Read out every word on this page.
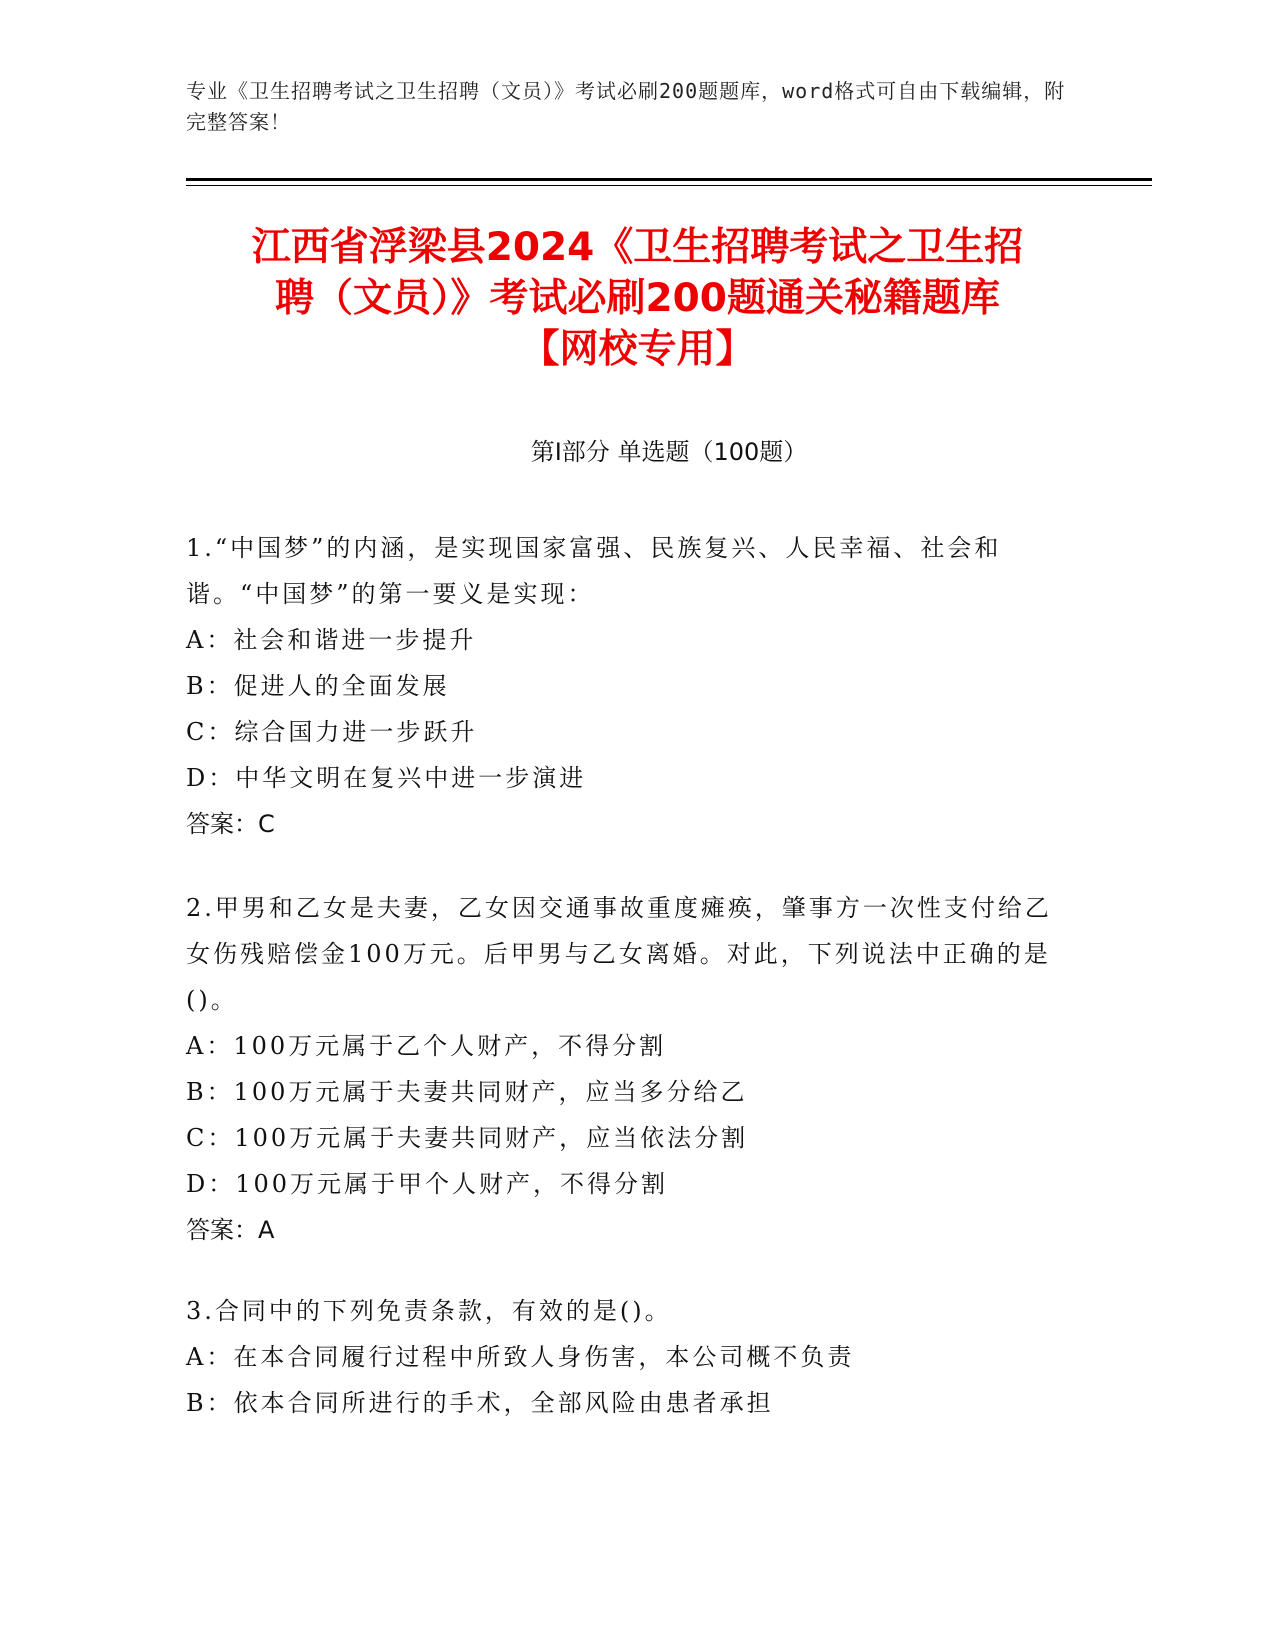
专业《卫生招聘考试之卫生招聘（文员）》考试必刷200题题库，word格式可自由下载编辑，附完整答案！
江西省浮梁县2024《卫生招聘考试之卫生招
聘（文员）》考试必刷200题通关秘籍题库
【网校专用】
第Ⅰ部分 单选题（100题）
1.“中国梦”的内涵，是实现国家富强、民族复兴、人民幸福、社会和谐。“中国梦”的第一要义是实现：
A：社会和谐进一步提升
B：促进人的全面发展
C：综合国力进一步跃升
D：中华文明在复兴中进一步演进
答案：C
2.甲男和乙女是夫妻，乙女因交通事故重度瘫痪，肇事方一次性支付给乙女伤残赔偿金100万元。后甲男与乙女离婚。对此，下列说法中正确的是()。
A：100万元属于乙个人财产，不得分割
B：100万元属于夫妻共同财产，应当多分给乙
C：100万元属于夫妻共同财产，应当依法分割
D：100万元属于甲个人财产，不得分割
答案：A
3.合同中的下列免责条款，有效的是()。
A：在本合同履行过程中所致人身伤害，本公司概不负责
B：依本合同所进行的手术，全部风险由患者承担
